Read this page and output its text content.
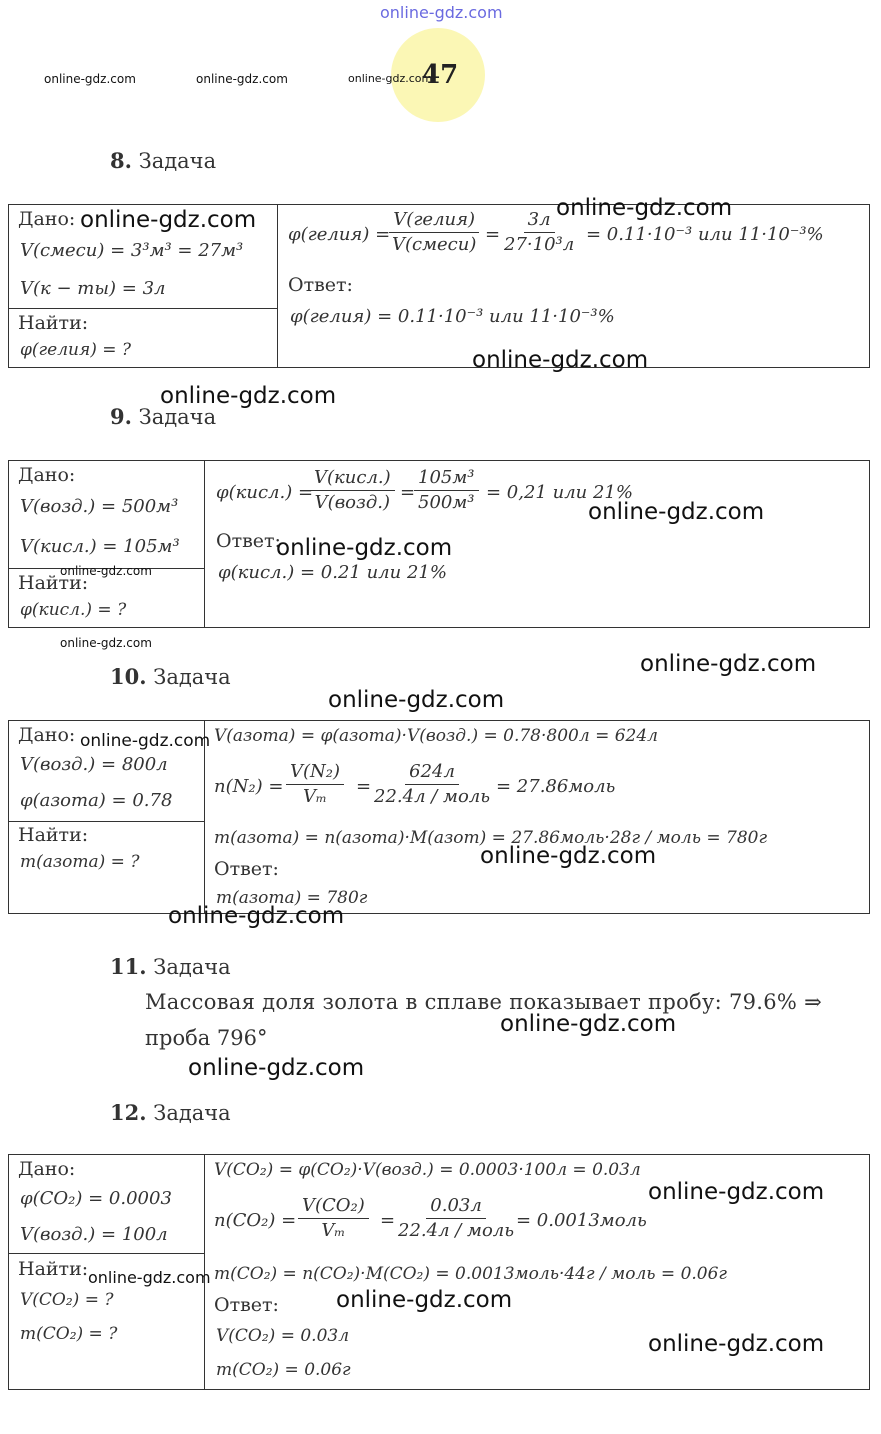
online-gdz.com
online-gdz.com	online-gdz.com	online-gdz.com
47
8. Задача
Дано:
V(смеси) = 3³м³ = 27м³
V(к − ты) = 3л
Найти:
φ(гелия) = ?
φ(гелия) =
V(гелия)
V(смеси) =
3л
27·10³л = 0.11·10⁻³ или 11·10⁻³%
Ответ:
φ(гелия) = 0.11·10⁻³ или 11·10⁻³%
online-gdz.com	online-gdz.com
online-gdz.com
online-gdz.com
9. Задача
Дано:
V(возд.) = 500м³
V(кисл.) = 105м³
Найти:
φ(кисл.) = ?
φ(кисл.) =
V(кисл.)
V(возд.) =
105м³
500м³ = 0,21 или 21%
Ответ:
φ(кисл.) = 0.21 или 21%
online-gdz.com
online-gdz.com
online-gdz.com
online-gdz.com
online-gdz.com
10. Задача
online-gdz.com
Дано:
V(возд.) = 800л
φ(азота) = 0.78
Найти:
m(азота) = ?
V(азота) = φ(азота)·V(возд.) = 0.78·800л = 624л
$n(N_2) = \frac{\text{V(N₂)}}{\text{Vₘ}}$ =
624л
22.4л / моль = 27.86моль
m(азота) = n(азота)·M(азот) = 27.86моль·28г / моль = 780г
Ответ:
m(азота) = 780г
online-gdz.com
online-gdz.com
online-gdz.com
11. Задача
Массовая доля золота в сплаве показывает пробу: 79.6% ⇒
проба 796°
online-gdz.com
online-gdz.com
12. Задача
Дано:
φ(CO₂) = 0.0003
V(возд.) = 100л
Найти:
V(CO₂) = ?
m(CO₂) = ?
V(CO₂) = φ(CO₂)·V(возд.) = 0.0003·100л = 0.03л
$n(CO_2) = \frac{\text{V(CO₂)}}{\text{Vₘ}}$ =
0.03л
22.4л / моль = 0.0013моль
m(CO₂) = n(CO₂)·M(CO₂) = 0.0013моль·44г / моль = 0.06г
Ответ:
V(CO₂) = 0.03л
m(CO₂) = 0.06г
online-gdz.com
online-gdz.com
online-gdz.com
online-gdz.com
